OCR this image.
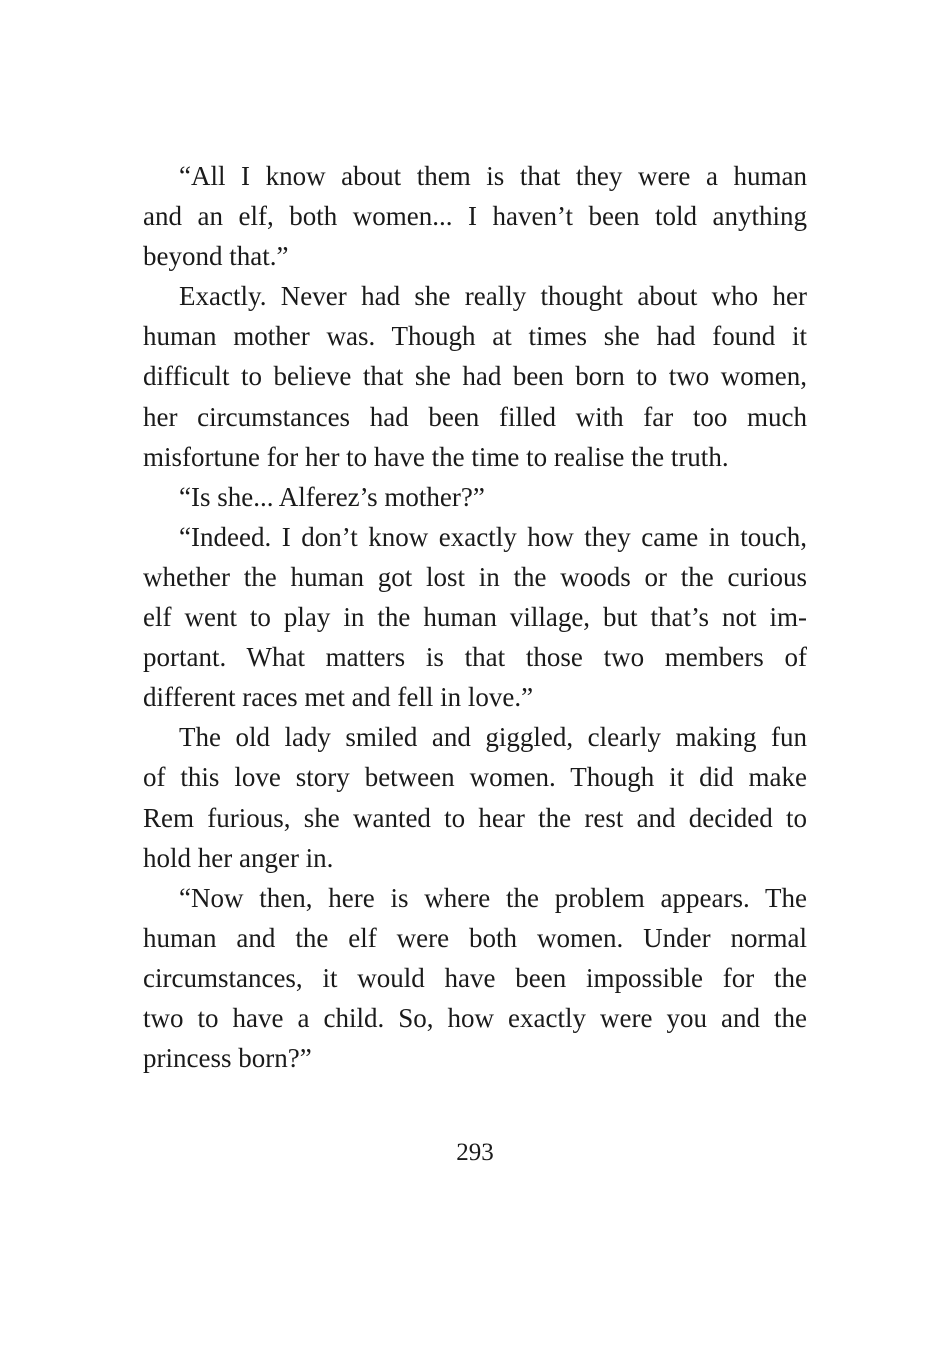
“All I know about them is that they were a human
and an elf, both women... I haven’t been told anything
beyond that.”
Exactly. Never had she really thought about who her
human mother was. Though at times she had found it
difficult to believe that she had been born to two women,
her circumstances had been filled with far too much
misfortune for her to have the time to realise the truth.
“Is she... Alferez’s mother?”
“Indeed. I don’t know exactly how they came in touch,
whether the human got lost in the woods or the curious
elf went to play in the human village, but that’s not im-
portant. What matters is that those two members of
different races met and fell in love.”
The old lady smiled and giggled, clearly making fun
of this love story between women. Though it did make
Rem furious, she wanted to hear the rest and decided to
hold her anger in.
“Now then, here is where the problem appears. The
human and the elf were both women. Under normal
circumstances, it would have been impossible for the
two to have a child. So, how exactly were you and the
princess born?”
293
